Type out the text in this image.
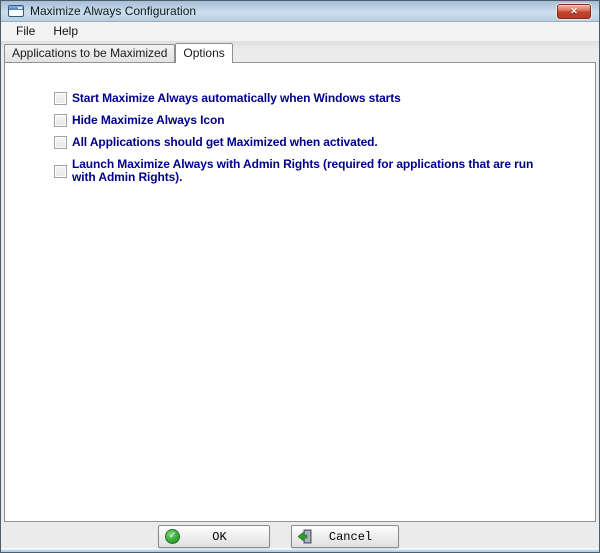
Maximize Always Configuration	✕
File	Help
Applications to be Maximized	Options
Start Maximize Always automatically when Windows starts
Hide Maximize Always Icon
All Applications should get Maximized when activated.
Launch Maximize Always with Admin Rights (required for applications that are run with Admin Rights).
✓	OK	Cancel
